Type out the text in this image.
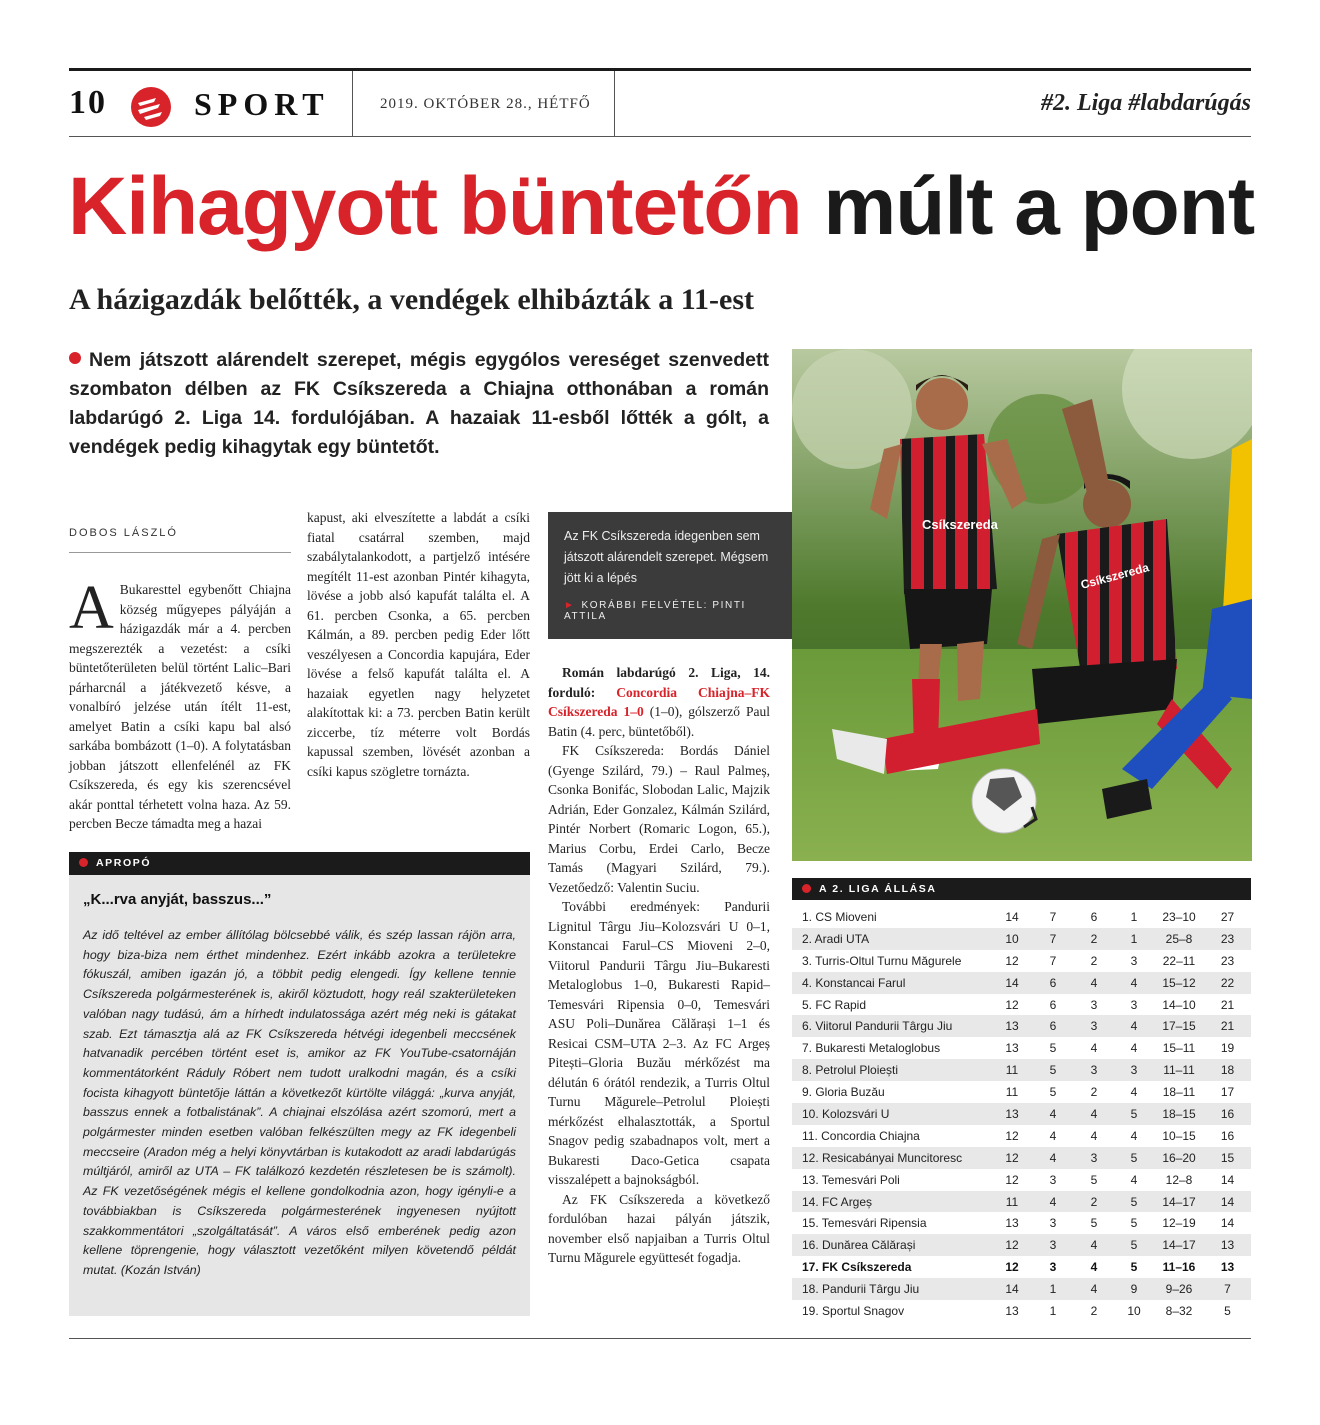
10	SPORT	2019. OKTÓBER 28., HÉTFŐ	#2. Liga #labdarúgás
Kihagyott büntetőn múlt a pont
A házigazdák belőtték, a vendégek elhibázták a 11-est
Nem játszott alárendelt szerepet, mégis egygólos vereséget szenvedett szombaton délben az FK Csíkszereda a Chiajna otthonában a román labdarúgó 2. Liga 14. fordulójában. A hazaiak 11-esből lőtték a gólt, a vendégek pedig kihagytak egy büntetőt.
DOBOS LÁSZLÓ

A Bukaresttel egybenőtt Chiajna község műgyepes pályáján a házigazdák már a 4. percben megszerezték a vezetést: a csíki büntetőterületen belül történt Lalic–Bari párharcnál a játékvezető késve, a vonalbíró jelzése után ítélt 11-est, amelyet Batin a csíki kapu bal alsó sarkába bombázott (1–0). A folytatásban jobban játszott ellenfelénél az FK Csíkszereda, és egy kis szerencsével akár ponttal térhetett volna haza. Az 59. percben Becze támadta meg a hazai

kapust, aki elveszítette a labdát a csíki fiatal csatárral szemben, majd szabálytalankodott, a partjelző intésére megítélt 11-est azonban Pintér kihagyta, lövése a jobb alsó kapufát találta el. A 61. percben Csonka, a 65. percben Kálmán, a 89. percben pedig Eder lőtt veszélyesen a Concordia kapujára, Eder lövése a felső kapufát találta el. A hazaiak egyetlen nagy helyzetet alakítottak ki: a 73. percben Batin került ziccerbe, tíz méterre volt Bordás kapussal szemben, lövését azonban a csíki kapus szögletre tornázta.

Román labdarúgó 2. Liga, 14. forduló: Concordia Chiajna–FK Csíkszereda 1–0 (1–0), gólszerző Paul Batin (4. perc, büntetőből).

FK Csíkszereda: Bordás Dániel (Gyenge Szilárd, 79.) – Raul Palmeș, Csonka Bonifác, Slobodan Lalic, Majzik Adrián, Eder Gonzalez, Kálmán Szilárd, Pintér Norbert (Romaric Logon, 65.), Marius Corbu, Erdei Carlo, Becze Tamás (Magyari Szilárd, 79.). Vezetőedző: Valentin Suciu.

További eredmények: Pandurii Lignitul Târgu Jiu–Kolozsvári U 0–1, Konstancai Farul–CS Mioveni 2–0, Viitorul Pandurii Târgu Jiu–Bukaresti Metaloglobus 1–0, Bukaresti Rapid–Temesvári Ripensia 0–0, Temesvári ASU Poli–Dunărea Călărași 1–1 és Resicai CSM–UTA 2–3. Az FC Argeș Pitești–Gloria Buzău mérkőzést ma délután 6 órától rendezik, a Turris Oltul Turnu Măgurele–Petrolul Ploiești mérkőzést elhalasztották, a Sportul Snagov pedig szabadnapos volt, mert a Bukaresti Daco-Getica csapata visszalépett a bajnokságból.

Az FK Csíkszereda a következő fordulóban hazai pályán játszik, november első napjaiban a Turris Oltul Turnu Măgurele együttesét fogadja.

Az FK Csíkszereda idegenben sem játszott alárendelt szerepet. Mégsem jött ki a lépés
► KORÁBBI FELVÉTEL: PINTI ATTILA
Csíkszereda
Csíkszereda
APROPÓ
„K...rva anyját, basszus...”
Az idő teltével az ember állítólag bölcsebbé válik, és szép lassan rájön arra, hogy biza-biza nem érthet mindenhez. Ezért inkább azokra a területekre fókuszál, amiben igazán jó, a többit pedig elengedi. Így kellene tennie Csíkszereda polgármesterének is, akiről köztudott, hogy reál szakterületeken valóban nagy tudású, ám a hírhedt indulatossága azért még neki is gátakat szab. Ezt támasztja alá az FK Csíkszereda hétvégi idegenbeli meccsének hatvanadik percében történt eset is, amikor az FK YouTube-csatornáján kommentátorként Ráduly Róbert nem tudott uralkodni magán, és a csíki focista kihagyott büntetője láttán a következőt kürtölte világgá: „kurva anyját, basszus ennek a fotbalistának”. A chiajnai elszólása azért szomorú, mert a polgármester minden esetben valóban felkészülten megy az FK idegenbeli meccseire (Aradon még a helyi könyvtárban is kutakodott az aradi labdarúgás múltjáról, amiről az UTA – FK találkozó kezdetén részletesen be is számolt). Az FK vezetőségének mégis el kellene gondolkodnia azon, hogy igényli-e a továbbiakban is Csíkszereda polgármesterének ingyenesen nyújtott szakkommentátori „szolgáltatását”. A város első emberének pedig azon kellene töprengenie, hogy választott vezetőként milyen követendő példát mutat. (Kozán István)
A 2. LIGA ÁLLÁSA
1. CS Mioveni	14	7	6	1	23–10	27
2. Aradi UTA	10	7	2	1	25–8	23
3. Turris-Oltul Turnu Măgurele	12	7	2	3	22–11	23
4. Konstancai Farul	14	6	4	4	15–12	22
5. FC Rapid	12	6	3	3	14–10	21
6. Viitorul Pandurii Târgu Jiu	13	6	3	4	17–15	21
7. Bukaresti Metaloglobus	13	5	4	4	15–11	19
8. Petrolul Ploiești	11	5	3	3	11–11	18
9. Gloria Buzău	11	5	2	4	18–11	17
10. Kolozsvári U	13	4	4	5	18–15	16
11. Concordia Chiajna	12	4	4	4	10–15	16
12. Resicabányai Muncitoresc	12	4	3	5	16–20	15
13. Temesvári Poli	12	3	5	4	12–8	14
14. FC Argeș	11	4	2	5	14–17	14
15. Temesvári Ripensia	13	3	5	5	12–19	14
16. Dunărea Călărași	12	3	4	5	14–17	13
17. FK Csíkszereda	12	3	4	5	11–16	13
18. Pandurii Târgu Jiu	14	1	4	9	9–26	7
19. Sportul Snagov	13	1	2	10	8–32	5
